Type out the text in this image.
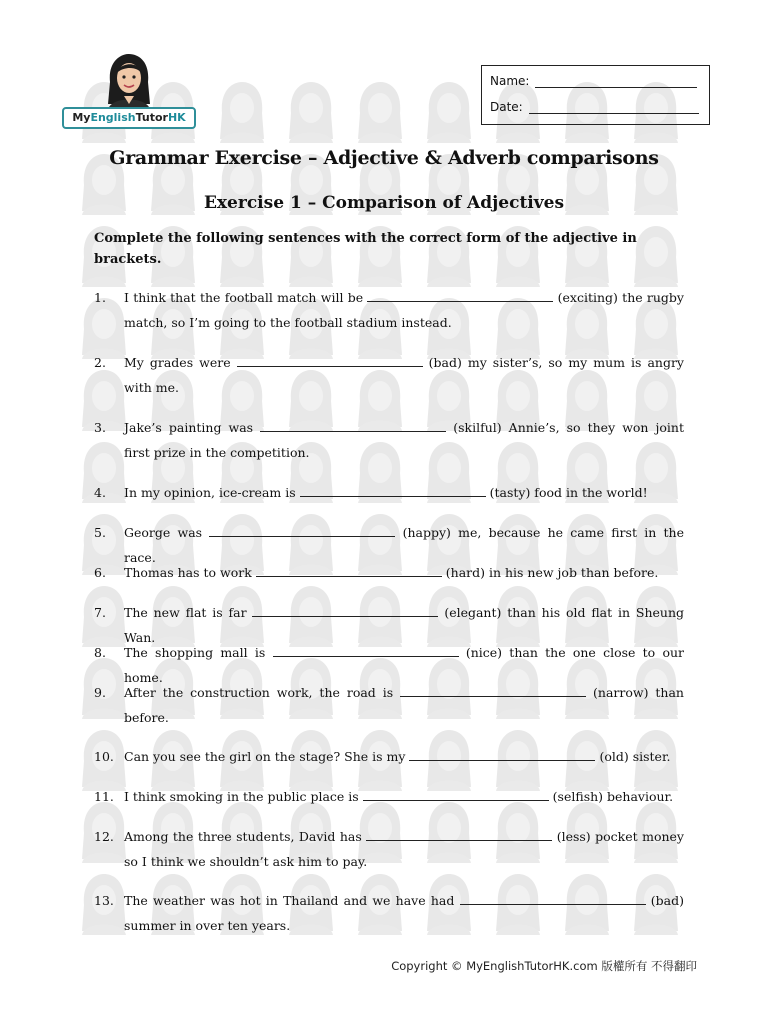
MyEnglishTutorHK
Name:
Date:
Grammar Exercise – Adjective & Adverb comparisons
Exercise 1 – Comparison of Adjectives

Complete the following sentences with the correct form of the adjective in brackets.

1. I think that the football match will be	(exciting) the rugby match, so I’m going to the football stadium instead.
2. My grades were	(bad) my sister’s, so my mum is angry with me.
3. Jake’s painting was	(skilful) Annie’s, so they won joint first prize in the competition.
4. In my opinion, ice-cream is	(tasty) food in the world!
5. George was	(happy) me, because he came first in the race.
6. Thomas has to work	(hard) in his new job than before.
7. The new flat is far	(elegant) than his old flat in Sheung Wan.
8. The shopping mall is	(nice) than the one close to our home.
9. After the construction work, the road is	(narrow) than before.
10. Can you see the girl on the stage? She is my	(old) sister.
11. I think smoking in the public place is	(selfish) behaviour.
12. Among the three students, David has	(less) pocket money so I think we shouldn’t ask him to pay.
13. The weather was hot in Thailand and we have had	(bad) summer in over ten years.
Copyright © MyEnglishTutorHK.com 版權所有 不得翻印
